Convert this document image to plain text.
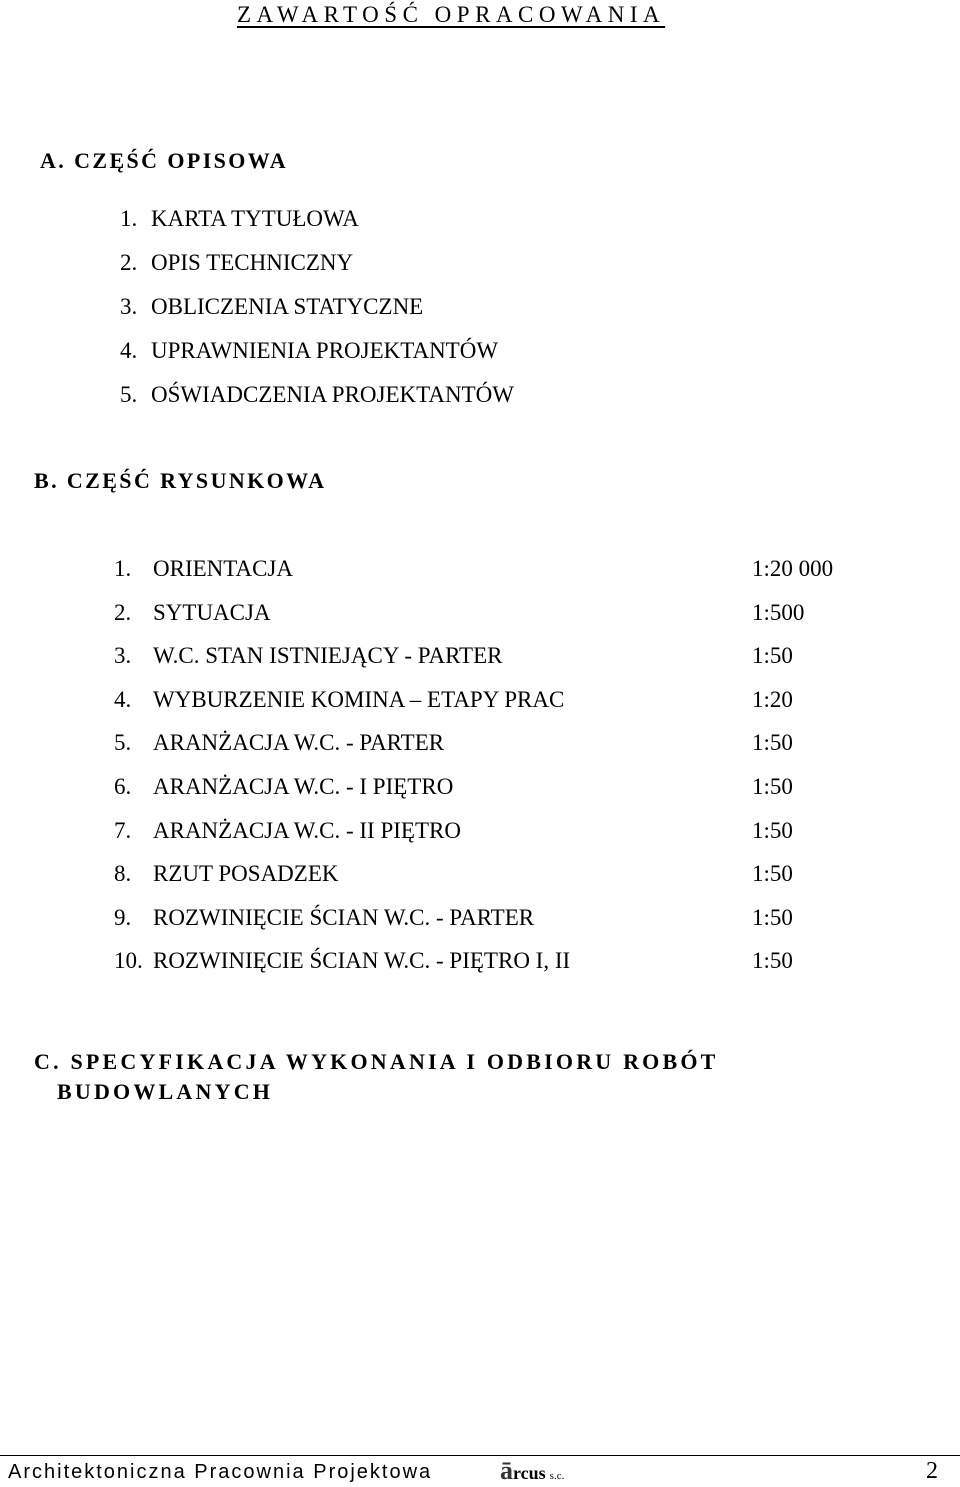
ZAWARTOŚĆ OPRACOWANIA
A. CZĘŚĆ OPISOWA
1. KARTA TYTUŁOWA
2. OPIS TECHNICZNY
3. OBLICZENIA STATYCZNE
4. UPRAWNIENIA PROJEKTANTÓW
5. OŚWIADCZENIA PROJEKTANTÓW
B. CZĘŚĆ RYSUNKOWA
1. ORIENTACJA	1:20 000
2. SYTUACJA	1:500
3. W.C. STAN ISTNIEJĄCY - PARTER	1:50
4. WYBURZENIE KOMINA – ETAPY PRAC	1:20
5. ARANŻACJA W.C. - PARTER	1:50
6. ARANŻACJA W.C. - I PIĘTRO	1:50
7. ARANŻACJA W.C. - II PIĘTRO	1:50
8. RZUT POSADZEK	1:50
9. ROZWINIĘCIE ŚCIAN W.C. - PARTER	1:50
10. ROZWINIĘCIE ŚCIAN W.C. - PIĘTRO I, II	1:50
C. SPECYFIKACJA WYKONANIA I ODBIORU ROBÓT
BUDOWLANYCH
Architektoniczna Pracownia Projektowa	ārcus s.c.	2
